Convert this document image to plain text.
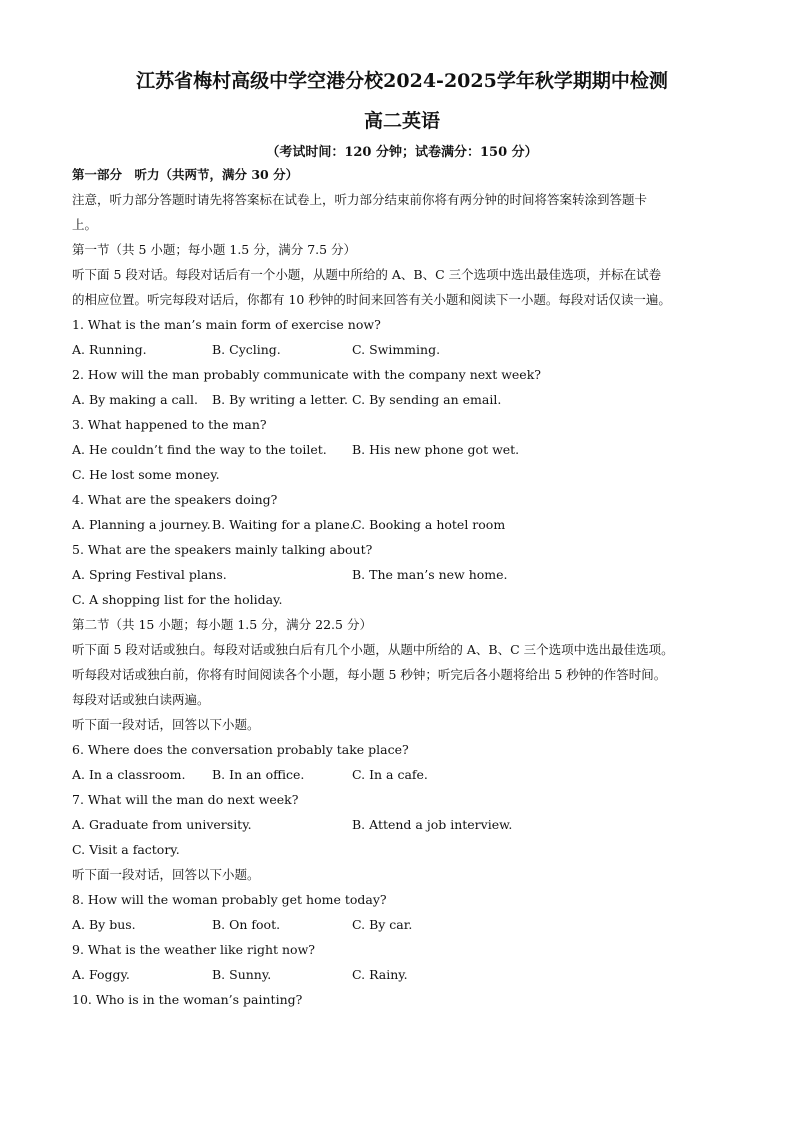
江苏省梅村高级中学空港分校2024-2025学年秋学期期中检测

高二英语

（考试时间：120 分钟；试卷满分：150 分）

第一部分　听力（共两节，满分 30 分）
注意，听力部分答题时请先将答案标在试卷上，听力部分结束前你将有两分钟的时间将答案转涂到答题卡
上。
第一节（共 5 小题；每小题 1.5 分，满分 7.5 分）
听下面 5 段对话。每段对话后有一个小题，从题中所给的 A、B、C 三个选项中选出最佳选项，并标在试卷
的相应位置。听完每段对话后，你都有 10 秒钟的时间来回答有关小题和阅读下一小题。每段对话仅读一遍。
1. What is the man’s main form of exercise now?
A. Running.	B. Cycling.	C. Swimming.
2. How will the man probably communicate with the company next week?
A. By making a call.	B. By writing a letter. C. By sending an email.
3. What happened to the man?
A. He couldn’t find the way to the toilet.	B. His new phone got wet.
C. He lost some money.
4. What are the speakers doing?
A. Planning a journey. B. Waiting for a plane.
C. Booking a hotel room
5. What are the speakers mainly talking about?
A. Spring Festival plans.	B. The man’s new home.
C. A shopping list for the holiday.
第二节（共 15 小题；每小题 1.5 分，满分 22.5 分）
听下面 5 段对话或独白。每段对话或独白后有几个小题，从题中所给的 A、B、C 三个选项中选出最佳选项。
听每段对话或独白前，你将有时间阅读各个小题，每小题 5 秒钟；听完后各小题将给出 5 秒钟的作答时间。
每段对话或独白读两遍。
听下面一段对话，回答以下小题。
6. Where does the conversation probably take place?
A. In a classroom.	B. In an office.	C. In a cafe.
7. What will the man do next week?
A. Graduate from university.	B. Attend a job interview.
C. Visit a factory.
听下面一段对话，回答以下小题。
8. How will the woman probably get home today?
A. By bus.	B. On foot.	C. By car.
9. What is the weather like right now?
A. Foggy.	B. Sunny.	C. Rainy.
10. Who is in the woman’s painting?
